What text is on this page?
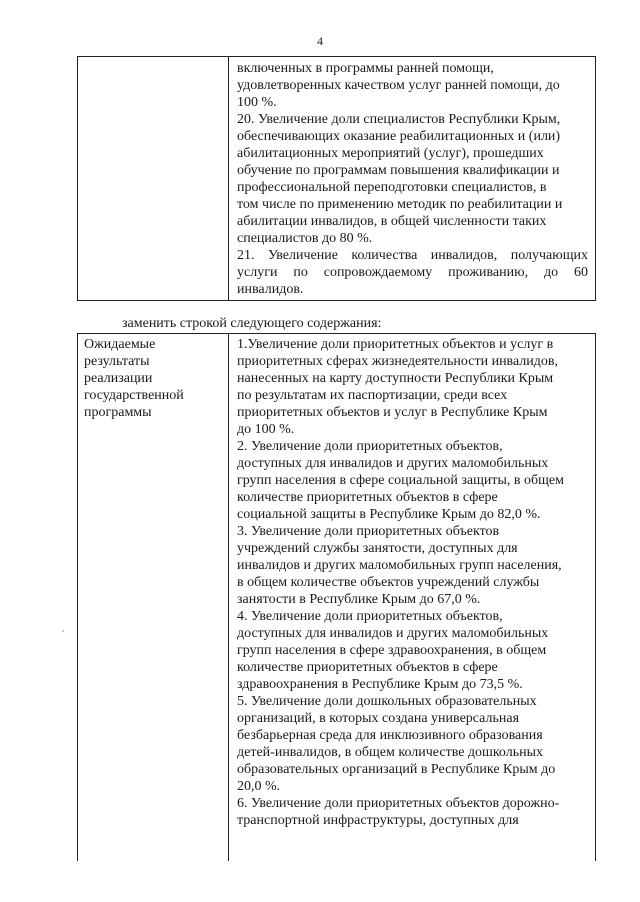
4
включенных в программы ранней помощи,
удовлетворенных качеством услуг ранней помощи, до
100 %.
20. Увеличение доли специалистов Республики Крым,
обеспечивающих оказание реабилитационных и (или)
абилитационных мероприятий (услуг), прошедших
обучение по программам повышения квалификации и
профессиональной переподготовки специалистов, в
том числе по применению методик по реабилитации и
абилитации инвалидов, в общей численности таких
специалистов до 80 %.
21. Увеличение количества инвалидов, получающих
услуги по сопровождаемому проживанию, до 60
инвалидов.
заменить строкой следующего содержания:
Ожидаемые
результаты
реализации
государственной
программы
1.Увеличение доли приоритетных объектов и услуг в
приоритетных сферах жизнедеятельности инвалидов,
нанесенных на карту доступности Республики Крым
по результатам их паспортизации, среди всех
приоритетных объектов и услуг в Республике Крым
до 100 %.
2. Увеличение доли приоритетных объектов,
доступных для инвалидов и других маломобильных
групп населения в сфере социальной защиты, в общем
количестве приоритетных объектов в сфере
социальной защиты в Республике Крым до 82,0 %.
3. Увеличение доли приоритетных объектов
учреждений службы занятости, доступных для
инвалидов и других маломобильных групп населения,
в общем количестве объектов учреждений службы
занятости в Республике Крым до 67,0 %.
4. Увеличение доли приоритетных объектов,
доступных для инвалидов и других маломобильных
групп населения в сфере здравоохранения, в общем
количестве приоритетных объектов в сфере
здравоохранения в Республике Крым до 73,5 %.
5. Увеличение доли дошкольных образовательных
организаций, в которых создана универсальная
безбарьерная среда для инклюзивного образования
детей-инвалидов, в общем количестве дошкольных
образовательных организаций в Республике Крым до
20,0 %.
6. Увеличение доли приоритетных объектов дорожно-
транспортной инфраструктуры, доступных для
